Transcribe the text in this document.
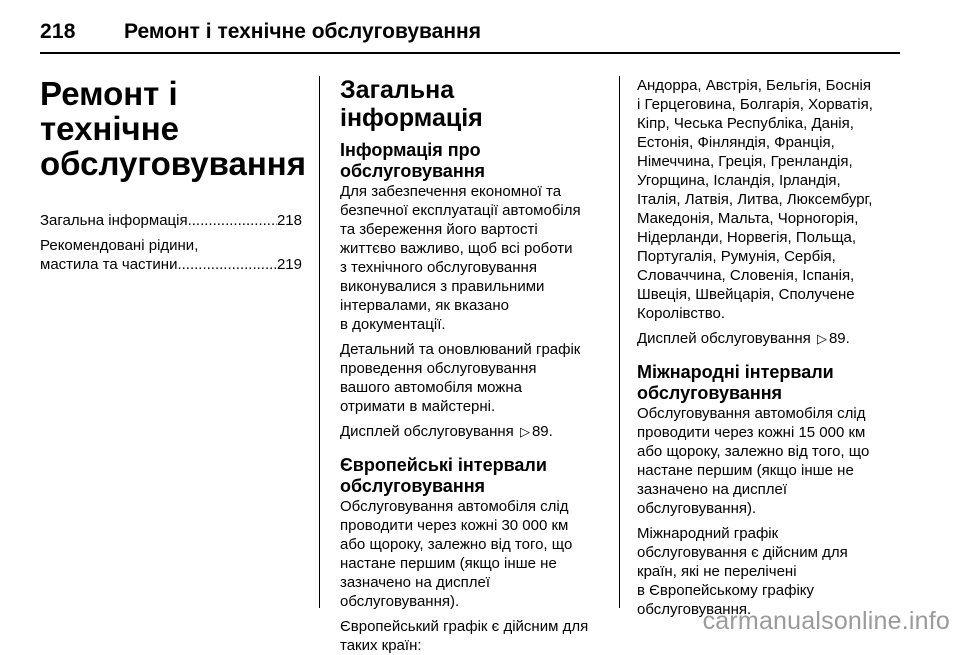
218 Ремонт і технічне обслуговування
Ремонт і технічне
обслуговування
Загальна інформація .....	218

Рекомендовані рідини,

мастила та частини .....	219
Загальна інформація
Інформація про
обслуговування

Для забезпечення економної та
безпечної експлуатації автомобіля
та збереження його вартості
життєво важливо, щоб всі роботи
з технічного обслуговування
виконувалися з правильними
інтервалами, як вказано
в документації.

Детальний та оновлюваний графік
проведення обслуговування
вашого автомобіля можна
отримати в майстерні.

Дисплей обслуговування ▷ 89.

Європейські інтервали
обслуговування

Обслуговування автомобіля слід
проводити через кожні 30 000 км
або щороку, залежно від того, що
настане першим (якщо інше не
зазначено на дисплеї
обслуговування).

Європейський графік є дійсним для
таких країн:

Андорра, Австрія, Бельгія, Боснія
і Герцеговина, Болгарія, Хорватія,
Кіпр, Чеська Республіка, Данія,
Естонія, Фінляндія, Франція,
Німеччина, Греція, Гренландія,
Угорщина, Ісландія, Ірландія,
Італія, Латвія, Литва, Люксембург,
Македонія, Мальта, Чорногорія,
Нідерланди, Норвегія, Польща,
Португалія, Румунія, Сербія,
Словаччина, Словенія, Іспанія,
Швеція, Швейцарія, Сполучене
Королівство.

Дисплей обслуговування ▷ 89.

Міжнародні інтервали
обслуговування

Обслуговування автомобіля слід
проводити через кожні 15 000 км
або щороку, залежно від того, що
настане першим (якщо інше не
зазначено на дисплеї
обслуговування).

Міжнародний графік
обслуговування є дійсним для
країн, які не перелічені
в Європейському графіку
обслуговування.

carmanualsonline.info
